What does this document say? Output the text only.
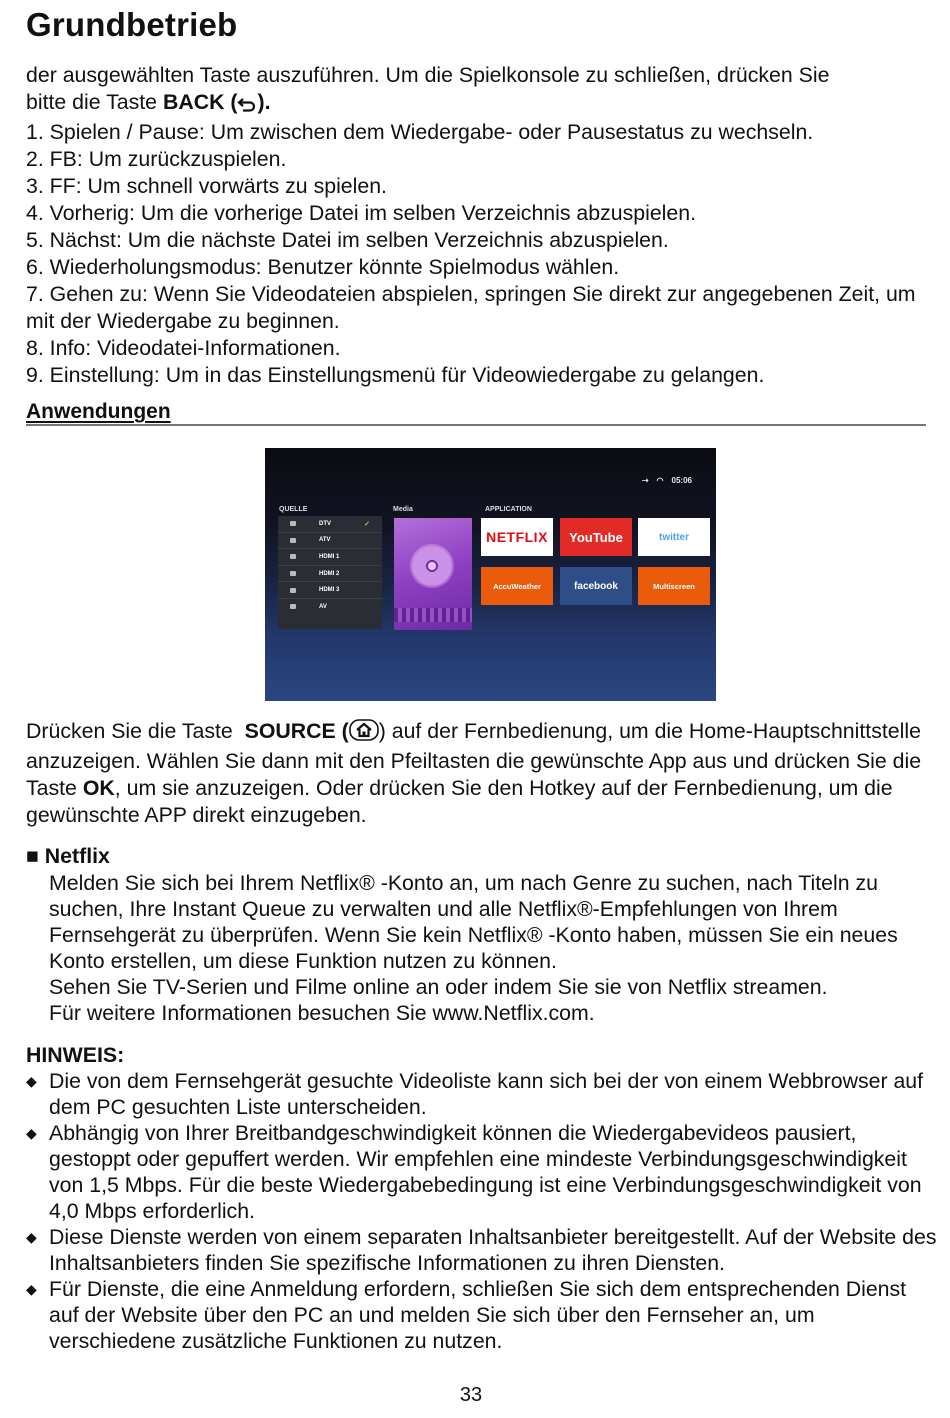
Grundbetrieb

der ausgewählten Taste auszuführen. Um die Spielkonsole zu schließen, drücken Sie

bitte die Taste BACK ( ).

1. Spielen / Pause: Um zwischen dem Wiedergabe- oder Pausestatus zu wechseln.

2. FB: Um zurückzuspielen.

3. FF: Um schnell vorwärts zu spielen.

4. Vorherig: Um die vorherige Datei im selben Verzeichnis abzuspielen.

5. Nächst: Um die nächste Datei im selben Verzeichnis abzuspielen.

6. Wiederholungsmodus: Benutzer könnte Spielmodus wählen.

7. Gehen zu: Wenn Sie Videodateien abspielen, springen Sie direkt zur angegebenen Zeit, um mit der Wiedergabe zu beginnen.

8. Info: Videodatei-Informationen.

9. Einstellung: Um in das Einstellungsmenü für Videowiedergabe zu gelangen.

Anwendungen
⇢ ◠ 05:06
QUELLE	Media	APPLICATION
DTV	✓
ATV
HDMI 1
HDMI 2
HDMI 3
AV
NETFLIX	YouTube	twitter
AccuWeather	facebook	Multiscreen

Drücken Sie die Taste  SOURCE ( ) auf der Fernbedienung, um die Home-Hauptschnittstelle anzuzeigen. Wählen Sie dann mit den Pfeiltasten die gewünschte App aus und drücken Sie die Taste OK, um sie anzuzeigen. Oder drücken Sie den Hotkey auf der Fernbedienung, um die gewünschte APP direkt einzugeben.

■ Netflix

Melden Sie sich bei Ihrem Netflix® -Konto an, um nach Genre zu suchen, nach Titeln zu suchen, Ihre Instant Queue zu verwalten und alle Netflix®-Empfehlungen von Ihrem Fernsehgerät zu überprüfen. Wenn Sie kein Netflix® -Konto haben, müssen Sie ein neues Konto erstellen, um diese Funktion nutzen zu können.

Sehen Sie TV-Serien und Filme online an oder indem Sie sie von Netflix streamen.

Für weitere Informationen besuchen Sie www.Netflix.com.

HINWEIS:

◆ Die von dem Fernsehgerät gesuchte Videoliste kann sich bei der von einem Webbrowser auf dem PC gesuchten Liste unterscheiden.
◆ Abhängig von Ihrer Breitbandgeschwindigkeit können die Wiedergabevideos pausiert, gestoppt oder gepuffert werden. Wir empfehlen eine mindeste Verbindungsgeschwindigkeit von 1,5 Mbps. Für die beste Wiedergabebedingung ist eine Verbindungsgeschwindigkeit von 4,0 Mbps erforderlich.
◆ Diese Dienste werden von einem separaten Inhaltsanbieter bereitgestellt. Auf der Website des Inhaltsanbieters finden Sie spezifische Informationen zu ihren Diensten.
◆ Für Dienste, die eine Anmeldung erfordern, schließen Sie sich dem entsprechenden Dienst auf der Website über den PC an und melden Sie sich über den Fernseher an, um verschiedene zusätzliche Funktionen zu nutzen.
33
